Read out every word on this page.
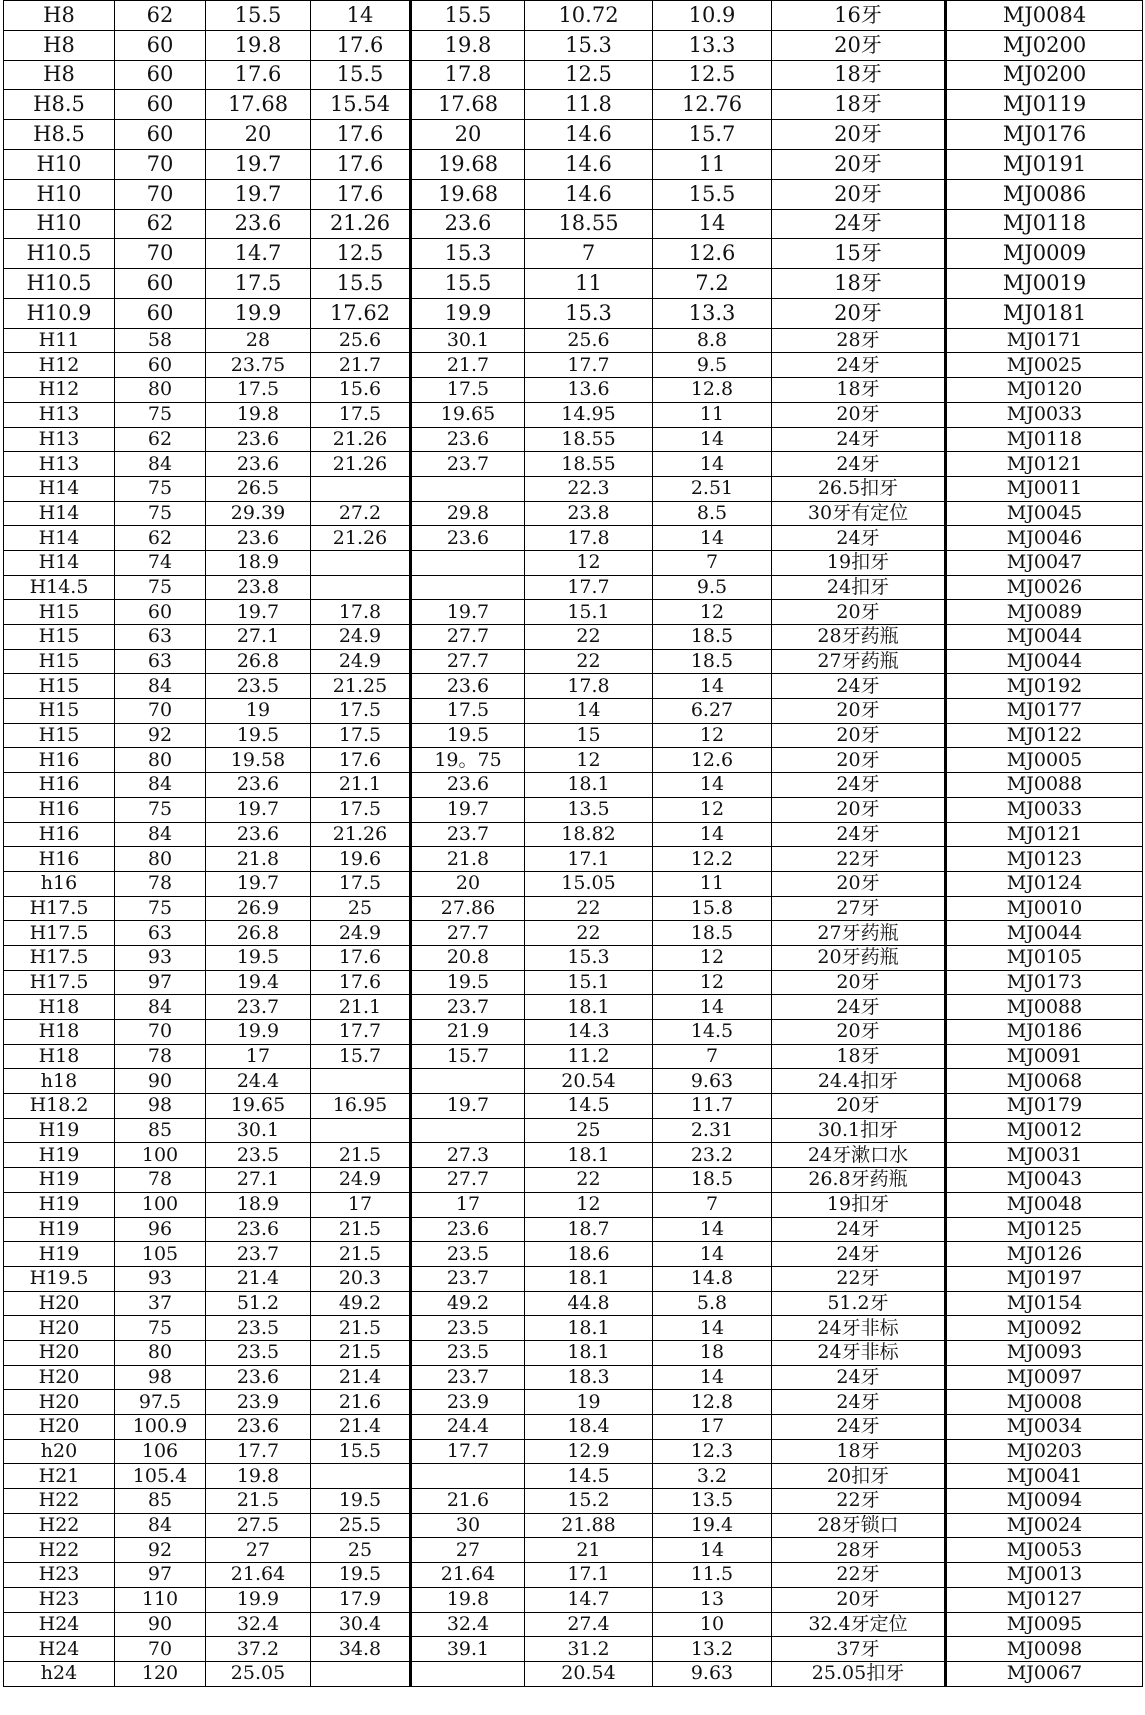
H8	62	15.5	14	15.5	10.72	10.9	16牙	MJ0084
H8	60	19.8	17.6	19.8	15.3	13.3	20牙	MJ0200
H8	60	17.6	15.5	17.8	12.5	12.5	18牙	MJ0200
H8.5	60	17.68	15.54	17.68	11.8	12.76	18牙	MJ0119
H8.5	60	20	17.6	20	14.6	15.7	20牙	MJ0176
H10	70	19.7	17.6	19.68	14.6	11	20牙	MJ0191
H10	70	19.7	17.6	19.68	14.6	15.5	20牙	MJ0086
H10	62	23.6	21.26	23.6	18.55	14	24牙	MJ0118
H10.5	70	14.7	12.5	15.3	7	12.6	15牙	MJ0009
H10.5	60	17.5	15.5	15.5	11	7.2	18牙	MJ0019
H10.9	60	19.9	17.62	19.9	15.3	13.3	20牙	MJ0181
H11	58	28	25.6	30.1	25.6	8.8	28牙	MJ0171
H12	60	23.75	21.7	21.7	17.7	9.5	24牙	MJ0025
H12	80	17.5	15.6	17.5	13.6	12.8	18牙	MJ0120
H13	75	19.8	17.5	19.65	14.95	11	20牙	MJ0033
H13	62	23.6	21.26	23.6	18.55	14	24牙	MJ0118
H13	84	23.6	21.26	23.7	18.55	14	24牙	MJ0121
H14	75	26.5			22.3	2.51	26.5扣牙	MJ0011
H14	75	29.39	27.2	29.8	23.8	8.5	30牙有定位	MJ0045
H14	62	23.6	21.26	23.6	17.8	14	24牙	MJ0046
H14	74	18.9			12	7	19扣牙	MJ0047
H14.5	75	23.8			17.7	9.5	24扣牙	MJ0026
H15	60	19.7	17.8	19.7	15.1	12	20牙	MJ0089
H15	63	27.1	24.9	27.7	22	18.5	28牙药瓶	MJ0044
H15	63	26.8	24.9	27.7	22	18.5	27牙药瓶	MJ0044
H15	84	23.5	21.25	23.6	17.8	14	24牙	MJ0192
H15	70	19	17.5	17.5	14	6.27	20牙	MJ0177
H15	92	19.5	17.5	19.5	15	12	20牙	MJ0122
H16	80	19.58	17.6	19。75	12	12.6	20牙	MJ0005
H16	84	23.6	21.1	23.6	18.1	14	24牙	MJ0088
H16	75	19.7	17.5	19.7	13.5	12	20牙	MJ0033
H16	84	23.6	21.26	23.7	18.82	14	24牙	MJ0121
H16	80	21.8	19.6	21.8	17.1	12.2	22牙	MJ0123
h16	78	19.7	17.5	20	15.05	11	20牙	MJ0124
H17.5	75	26.9	25	27.86	22	15.8	27牙	MJ0010
H17.5	63	26.8	24.9	27.7	22	18.5	27牙药瓶	MJ0044
H17.5	93	19.5	17.6	20.8	15.3	12	20牙药瓶	MJ0105
H17.5	97	19.4	17.6	19.5	15.1	12	20牙	MJ0173
H18	84	23.7	21.1	23.7	18.1	14	24牙	MJ0088
H18	70	19.9	17.7	21.9	14.3	14.5	20牙	MJ0186
H18	78	17	15.7	15.7	11.2	7	18牙	MJ0091
h18	90	24.4			20.54	9.63	24.4扣牙	MJ0068
H18.2	98	19.65	16.95	19.7	14.5	11.7	20牙	MJ0179
H19	85	30.1			25	2.31	30.1扣牙	MJ0012
H19	100	23.5	21.5	27.3	18.1	23.2	24牙漱口水	MJ0031
H19	78	27.1	24.9	27.7	22	18.5	26.8牙药瓶	MJ0043
H19	100	18.9	17	17	12	7	19扣牙	MJ0048
H19	96	23.6	21.5	23.6	18.7	14	24牙	MJ0125
H19	105	23.7	21.5	23.5	18.6	14	24牙	MJ0126
H19.5	93	21.4	20.3	23.7	18.1	14.8	22牙	MJ0197
H20	37	51.2	49.2	49.2	44.8	5.8	51.2牙	MJ0154
H20	75	23.5	21.5	23.5	18.1	14	24牙非标	MJ0092
H20	80	23.5	21.5	23.5	18.1	18	24牙非标	MJ0093
H20	98	23.6	21.4	23.7	18.3	14	24牙	MJ0097
H20	97.5	23.9	21.6	23.9	19	12.8	24牙	MJ0008
H20	100.9	23.6	21.4	24.4	18.4	17	24牙	MJ0034
h20	106	17.7	15.5	17.7	12.9	12.3	18牙	MJ0203
H21	105.4	19.8			14.5	3.2	20扣牙	MJ0041
H22	85	21.5	19.5	21.6	15.2	13.5	22牙	MJ0094
H22	84	27.5	25.5	30	21.88	19.4	28牙锁口	MJ0024
H22	92	27	25	27	21	14	28牙	MJ0053
H23	97	21.64	19.5	21.64	17.1	11.5	22牙	MJ0013
H23	110	19.9	17.9	19.8	14.7	13	20牙	MJ0127
H24	90	32.4	30.4	32.4	27.4	10	32.4牙定位	MJ0095
H24	70	37.2	34.8	39.1	31.2	13.2	37牙	MJ0098
h24	120	25.05			20.54	9.63	25.05扣牙	MJ0067
